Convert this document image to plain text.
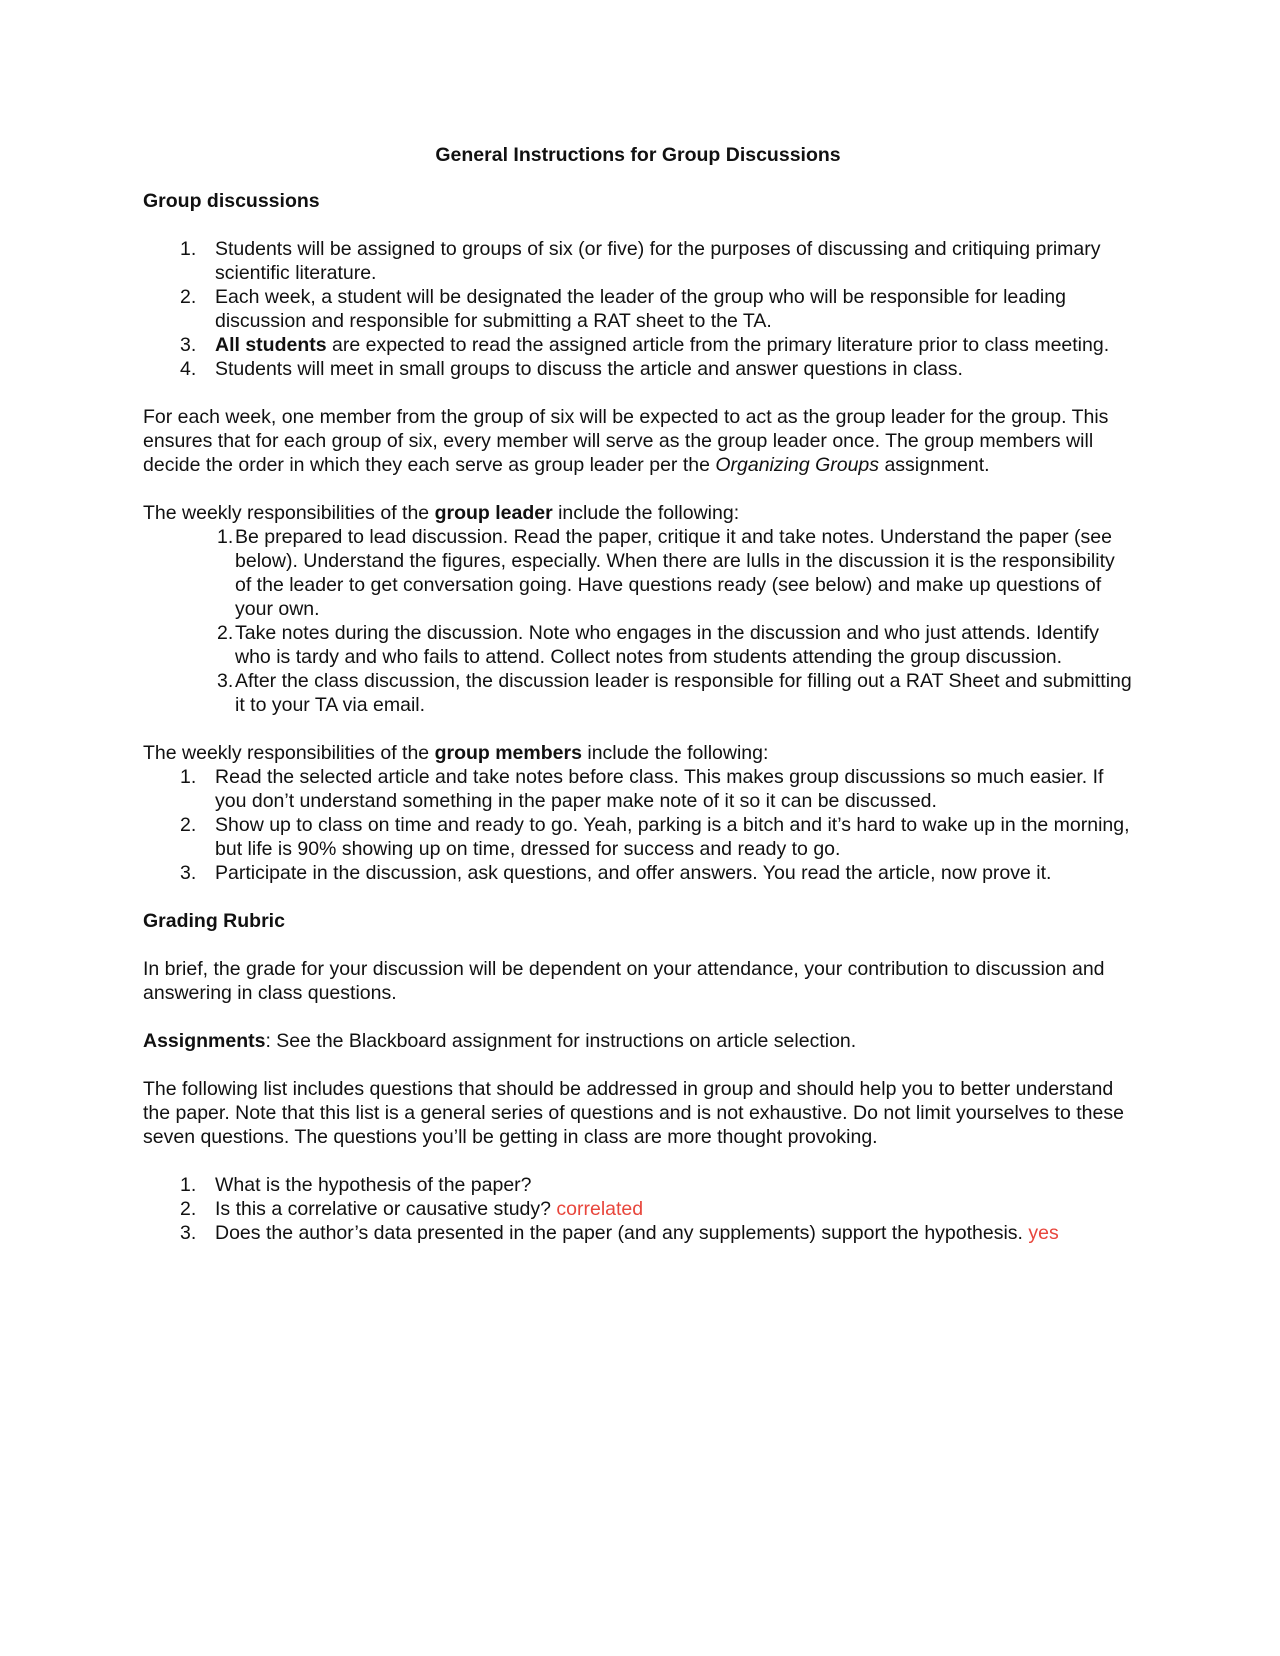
General Instructions for Group Discussions
Group discussions
1. Students will be assigned to groups of six (or five) for the purposes of discussing and critiquing primary scientific literature.
2. Each week, a student will be designated the leader of the group who will be responsible for leading discussion and responsible for submitting a RAT sheet to the TA.
3. All students are expected to read the assigned article from the primary literature prior to class meeting.
4. Students will meet in small groups to discuss the article and answer questions in class.

For each week, one member from the group of six will be expected to act as the group leader for the group. This ensures that for each group of six, every member will serve as the group leader once. The group members will decide the order in which they each serve as group leader per the Organizing Groups assignment.

The weekly responsibilities of the group leader include the following:
1.Be prepared to lead discussion. Read the paper, critique it and take notes. Understand the paper (see below). Understand the figures, especially. When there are lulls in the discussion it is the responsibility of the leader to get conversation going. Have questions ready (see below) and make up questions of your own.
2.Take notes during the discussion. Note who engages in the discussion and who just attends. Identify who is tardy and who fails to attend. Collect notes from students attending the group discussion.
3.After the class discussion, the discussion leader is responsible for filling out a RAT Sheet and submitting it to your TA via email.
The weekly responsibilities of the group members include the following:
1. Read the selected article and take notes before class. This makes group discussions so much easier. If you don’t understand something in the paper make note of it so it can be discussed.
2. Show up to class on time and ready to go. Yeah, parking is a bitch and it’s hard to wake up in the morning, but life is 90% showing up on time, dressed for success and ready to go.
3. Participate in the discussion, ask questions, and offer answers. You read the article, now prove it.
Grading Rubric

In brief, the grade for your discussion will be dependent on your attendance, your contribution to discussion and answering in class questions.

Assignments: See the Blackboard assignment for instructions on article selection.

The following list includes questions that should be addressed in group and should help you to better understand the paper. Note that this list is a general series of questions and is not exhaustive. Do not limit yourselves to these seven questions. The questions you’ll be getting in class are more thought provoking.

1. What is the hypothesis of the paper?
2. Is this a correlative or causative study? correlated
3. Does the author’s data presented in the paper (and any supplements) support the hypothesis. yes
